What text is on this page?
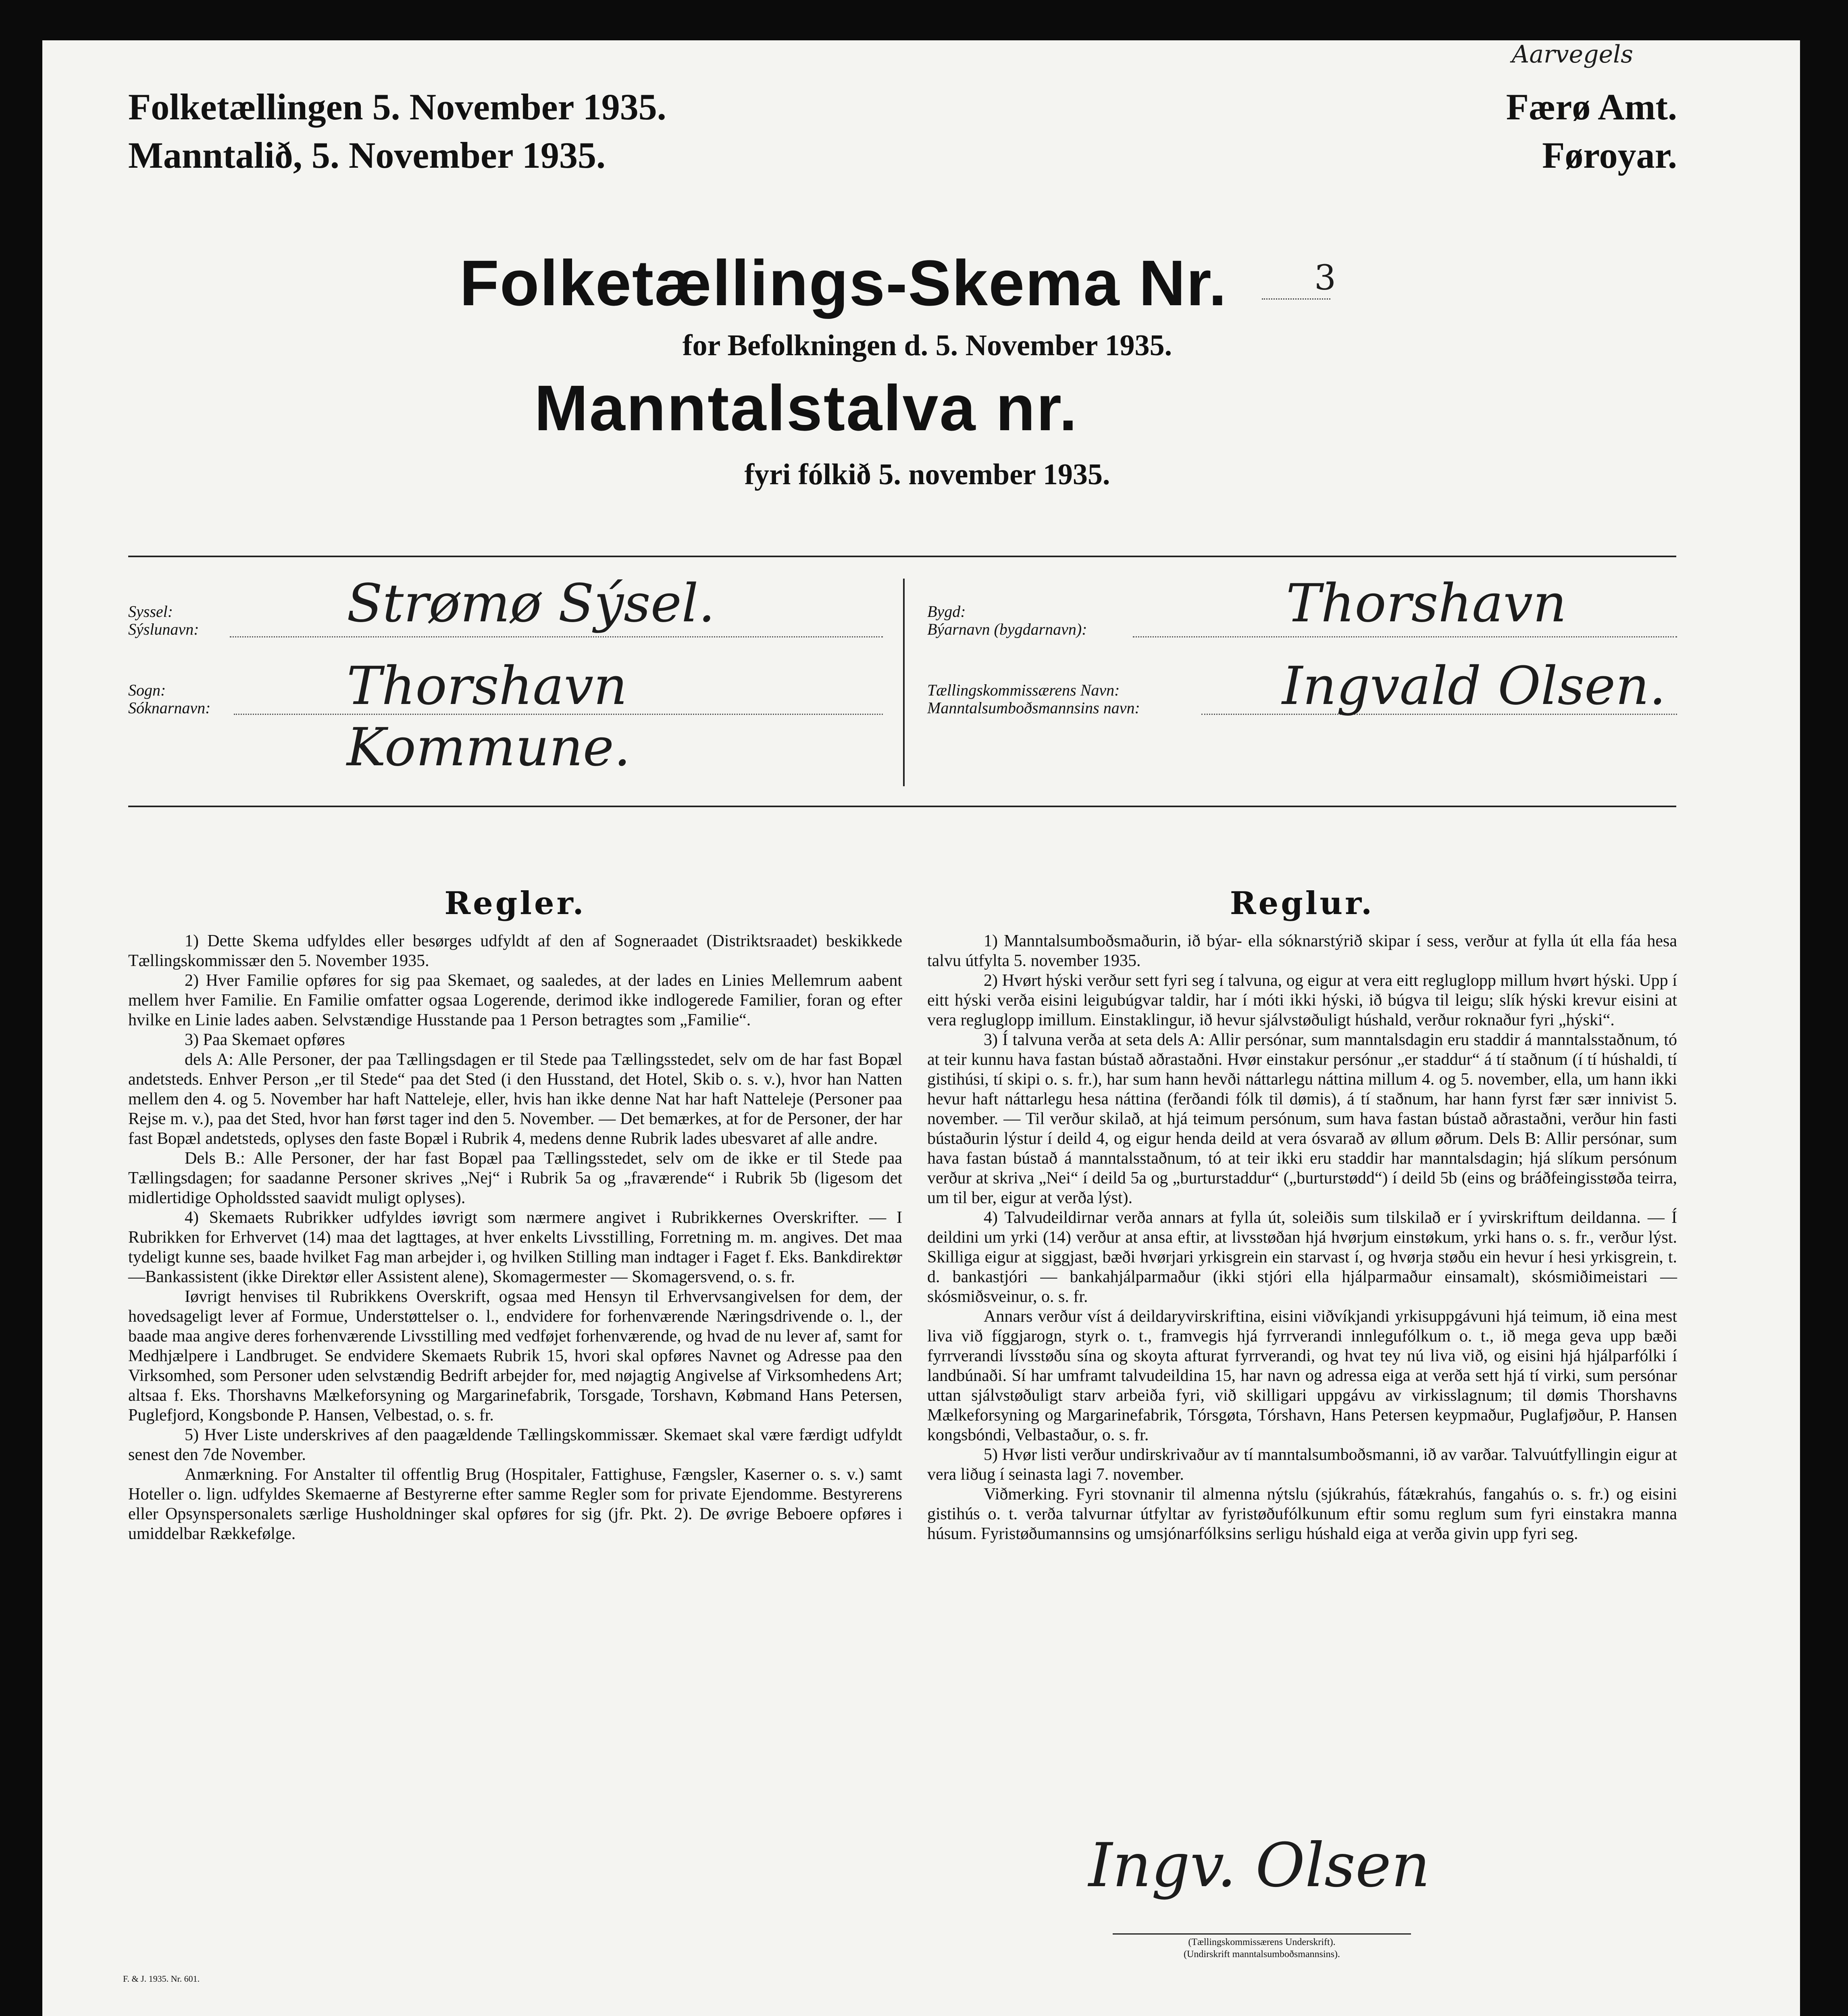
Folketællingen 5. November 1935.
Manntalið, 5. November 1935.
Aarvegels
Færø Amt.
Føroyar.
Folketællings-Skema Nr.	3
for Befolkningen d. 5. November 1935.
Manntalstalva nr.
fyri fólkið 5. november 1935.
Syssel:
Sýslunavn:	Strømø Sýsel.
Sogn:
Sóknarnavn:	Thorshavn Kommune.
Bygd:
Býarnavn (bygdarnavn):	Thorshavn
Tællingskommissærens Navn:
Manntalsumboðsmannsins navn:	Ingvald Olsen.
Regler.

1) Dette Skema udfyldes eller besørges udfyldt af den af Sogneraadet (Distriktsraadet) beskikkede Tællingskommissær den 5. November 1935.

2) Hver Familie opføres for sig paa Skemaet, og saaledes, at der lades en Linies Mellemrum aabent mellem hver Familie. En Familie omfatter ogsaa Logerende, derimod ikke indlogerede Familier, foran og efter hvilke en Linie lades aaben. Selvstændige Husstande paa 1 Person betragtes som „Familie“.

3) Paa Skemaet opføres

dels A: Alle Personer, der paa Tællingsdagen er til Stede paa Tællingsstedet, selv om de har fast Bopæl andetsteds. Enhver Person „er til Stede“ paa det Sted (i den Husstand, det Hotel, Skib o. s. v.), hvor han Natten mellem den 4. og 5. November har haft Natteleje, eller, hvis han ikke denne Nat har haft Natteleje (Personer paa Rejse m. v.), paa det Sted, hvor han først tager ind den 5. November. — Det bemærkes, at for de Personer, der har fast Bopæl andetsteds, oplyses den faste Bopæl i Rubrik 4, medens denne Rubrik lades ubesvaret af alle andre.

Dels B.: Alle Personer, der har fast Bopæl paa Tællingsstedet, selv om de ikke er til Stede paa Tællingsdagen; for saadanne Personer skrives „Nej“ i Rubrik 5a og „fraværende“ i Rubrik 5b (ligesom det midlertidige Opholdssted saavidt muligt oplyses).

4) Skemaets Rubrikker udfyldes iøvrigt som nærmere angivet i Rubrikkernes Overskrifter. — I Rubrikken for Erhvervet (14) maa det lagttages, at hver enkelts Livsstilling, Forretning m. m. angives. Det maa tydeligt kunne ses, baade hvilket Fag man arbejder i, og hvilken Stilling man indtager i Faget f. Eks. Bankdirektør—Bankassistent (ikke Direktør eller Assistent alene), Skomagermester — Skomagersvend, o. s. fr.

Iøvrigt henvises til Rubrikkens Overskrift, ogsaa med Hensyn til Erhvervsangivelsen for dem, der hovedsageligt lever af Formue, Understøttelser o. l., endvidere for forhenværende Næringsdrivende o. l., der baade maa angive deres forhenværende Livsstilling med vedføjet forhenværende, og hvad de nu lever af, samt for Medhjælpere i Landbruget. Se endvidere Skemaets Rubrik 15, hvori skal opføres Navnet og Adresse paa den Virksomhed, som Personer uden selvstændig Bedrift arbejder for, med nøjagtig Angivelse af Virksomhedens Art; altsaa f. Eks. Thorshavns Mælkeforsyning og Margarinefabrik, Torsgade, Torshavn, Købmand Hans Petersen, Puglefjord, Kongsbonde P. Hansen, Velbestad, o. s. fr.

5) Hver Liste underskrives af den paagældende Tællingskommissær. Skemaet skal være færdigt udfyldt senest den 7de November.

Anmærkning. For Anstalter til offentlig Brug (Hospitaler, Fattighuse, Fængsler, Kaserner o. s. v.) samt Hoteller o. lign. udfyldes Skemaerne af Bestyrerne efter samme Regler som for private Ejendomme. Bestyrerens eller Opsynspersonalets særlige Husholdninger skal opføres for sig (jfr. Pkt. 2). De øvrige Beboere opføres i umiddelbar Rækkefølge.

Reglur.

1) Manntalsumboðsmaðurin, ið býar- ella sóknarstýrið skipar í sess, verður at fylla út ella fáa hesa talvu útfylta 5. november 1935.

2) Hvørt hýski verður sett fyri seg í talvuna, og eigur at vera eitt regluglopp millum hvørt hýski. Upp í eitt hýski verða eisini leigubúgvar taldir, har í móti ikki hýski, ið búgva til leigu; slík hýski krevur eisini at vera regluglopp imillum. Einstaklingur, ið hevur sjálvstøðuligt húshald, verður roknaður fyri „hýski“.

3) Í talvuna verða at seta dels A: Allir persónar, sum manntalsdagin eru staddir á manntalsstaðnum, tó at teir kunnu hava fastan bústað aðrastaðni. Hvør einstakur persónur „er staddur“ á tí staðnum (í tí húshaldi, tí gistihúsi, tí skipi o. s. fr.), har sum hann hevði náttarlegu náttina millum 4. og 5. november, ella, um hann ikki hevur haft náttarlegu hesa náttina (ferðandi fólk til dømis), á tí staðnum, har hann fyrst fær sær innivist 5. november. — Til verður skilað, at hjá teimum persónum, sum hava fastan bústað aðrastaðni, verður hin fasti bústaðurin lýstur í deild 4, og eigur henda deild at vera ósvarað av øllum øðrum. Dels B: Allir persónar, sum hava fastan bústað á manntalsstaðnum, tó at teir ikki eru staddir har manntalsdagin; hjá slíkum persónum verður at skriva „Nei“ í deild 5a og „burturstaddur“ („burturstødd“) í deild 5b (eins og bráðfeingisstøða teirra, um til ber, eigur at verða lýst).

4) Talvudeildirnar verða annars at fylla út, soleiðis sum tilskilað er í yvirskriftum deildanna. — Í deildini um yrki (14) verður at ansa eftir, at livsstøðan hjá hvørjum einstøkum, yrki hans o. s. fr., verður lýst. Skilliga eigur at siggjast, bæði hvørjari yrkisgrein ein starvast í, og hvørja støðu ein hevur í hesi yrkisgrein, t. d. bankastjóri — bankahjálparmaður (ikki stjóri ella hjálparmaður einsamalt), skósmiðimeistari — skósmiðsveinur, o. s. fr.

Annars verður víst á deildaryvirskriftina, eisini viðvíkjandi yrkisuppgávuni hjá teimum, ið eina mest liva við fíggjarogn, styrk o. t., framvegis hjá fyrrverandi innlegufólkum o. t., ið mega geva upp bæði fyrrverandi lívsstøðu sína og skoyta afturat fyrrverandi, og hvat tey nú liva við, og eisini hjá hjálparfólki í landbúnaði. Sí har umframt talvudeildina 15, har navn og adressa eiga at verða sett hjá tí virki, sum persónar uttan sjálvstøðuligt starv arbeiða fyri, við skilligari uppgávu av virkisslagnum; til dømis Thorshavns Mælkeforsyning og Margarinefabrik, Tórsgøta, Tórshavn, Hans Petersen keypmaður, Puglafjøður, P. Hansen kongsbóndi, Velbastaður, o. s. fr.

5) Hvør listi verður undirskrivaður av tí manntalsumboðsmanni, ið av varðar. Talvuútfyllingin eigur at vera liðug í seinasta lagi 7. november.

Viðmerking. Fyri stovnanir til almenna nýtslu (sjúkrahús, fátækrahús, fangahús o. s. fr.) og eisini gistihús o. t. verða talvurnar útfyltar av fyristøðufólkunum eftir somu reglum sum fyri einstakra manna húsum. Fyristøðumannsins og umsjónarfólksins serligu húshald eiga at verða givin upp fyri seg.

Ingv. Olsen
(Tællingskommissærens Underskrift).
(Undirskrift manntalsumboðsmannsins).
F. & J. 1935. Nr. 601.
